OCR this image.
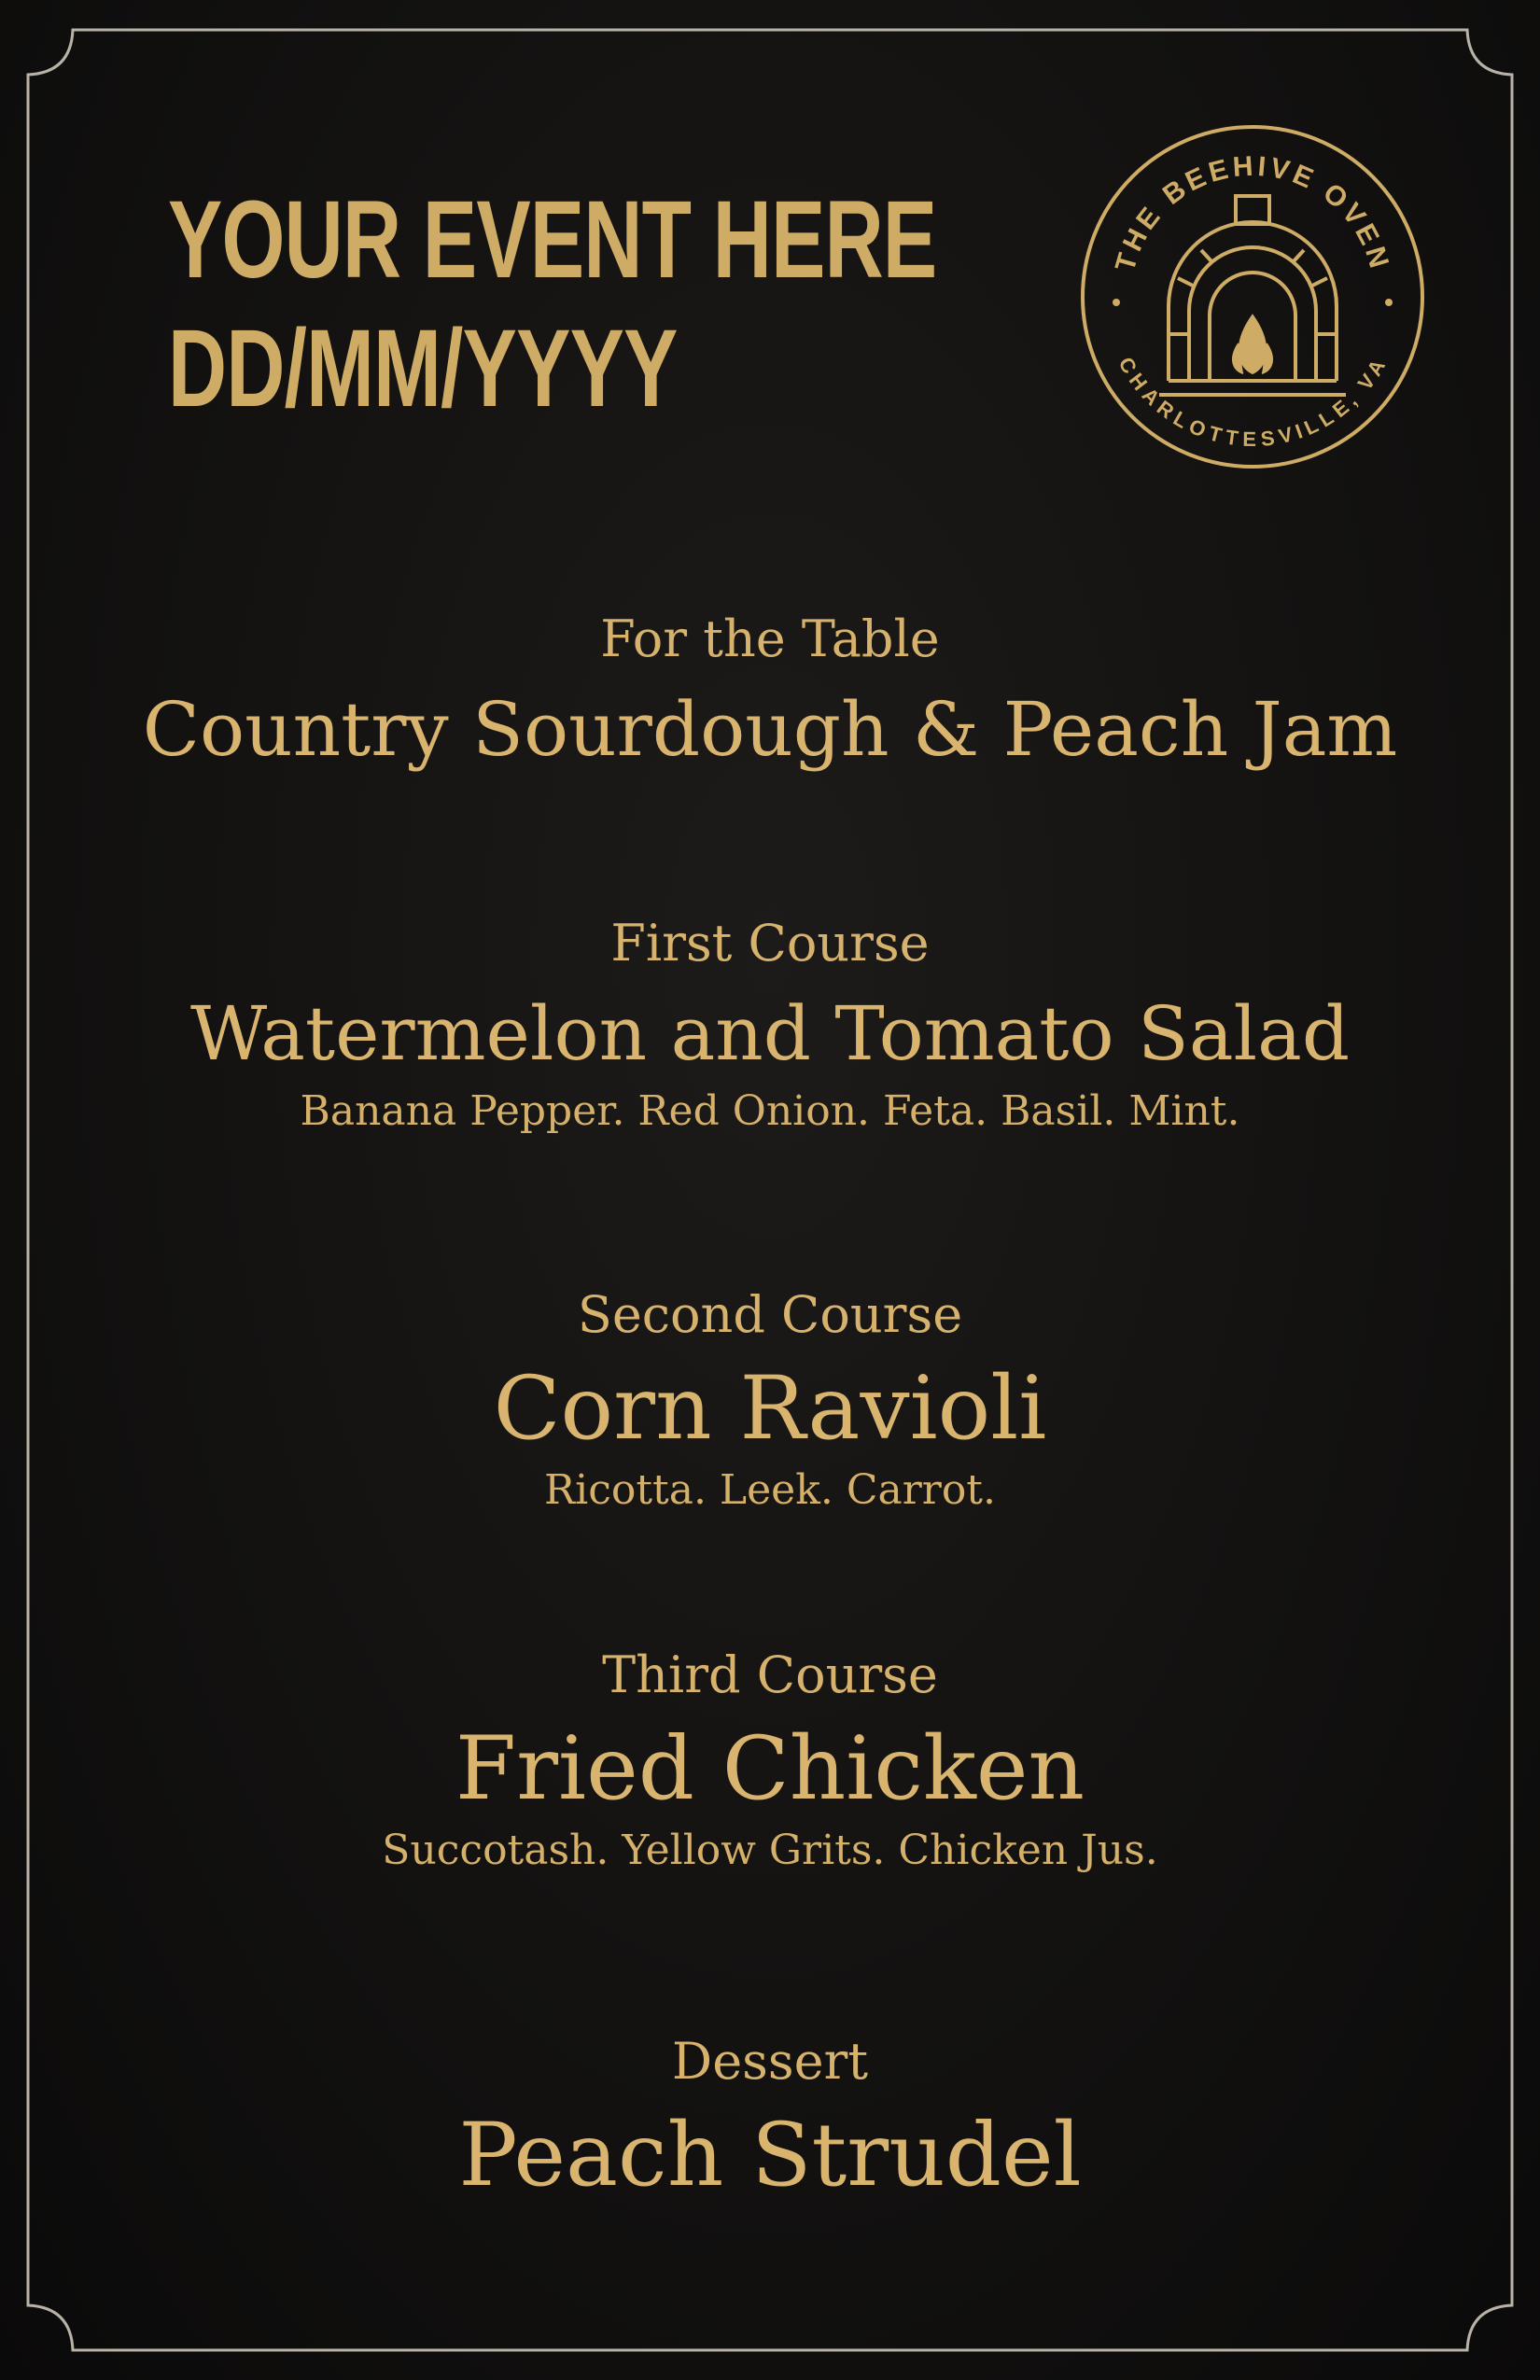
YOUR EVENT HERE
DD/MM/YYYY
THE BEEHIVE OVEN
CHARLOTTESVILLE, VA
For the Table
Country Sourdough & Peach Jam
First Course
Watermelon and Tomato Salad
Banana Pepper. Red Onion. Feta. Basil. Mint.
Second Course
Corn Ravioli
Ricotta. Leek. Carrot.
Third Course
Fried Chicken
Succotash. Yellow Grits. Chicken Jus.
Dessert
Peach Strudel
